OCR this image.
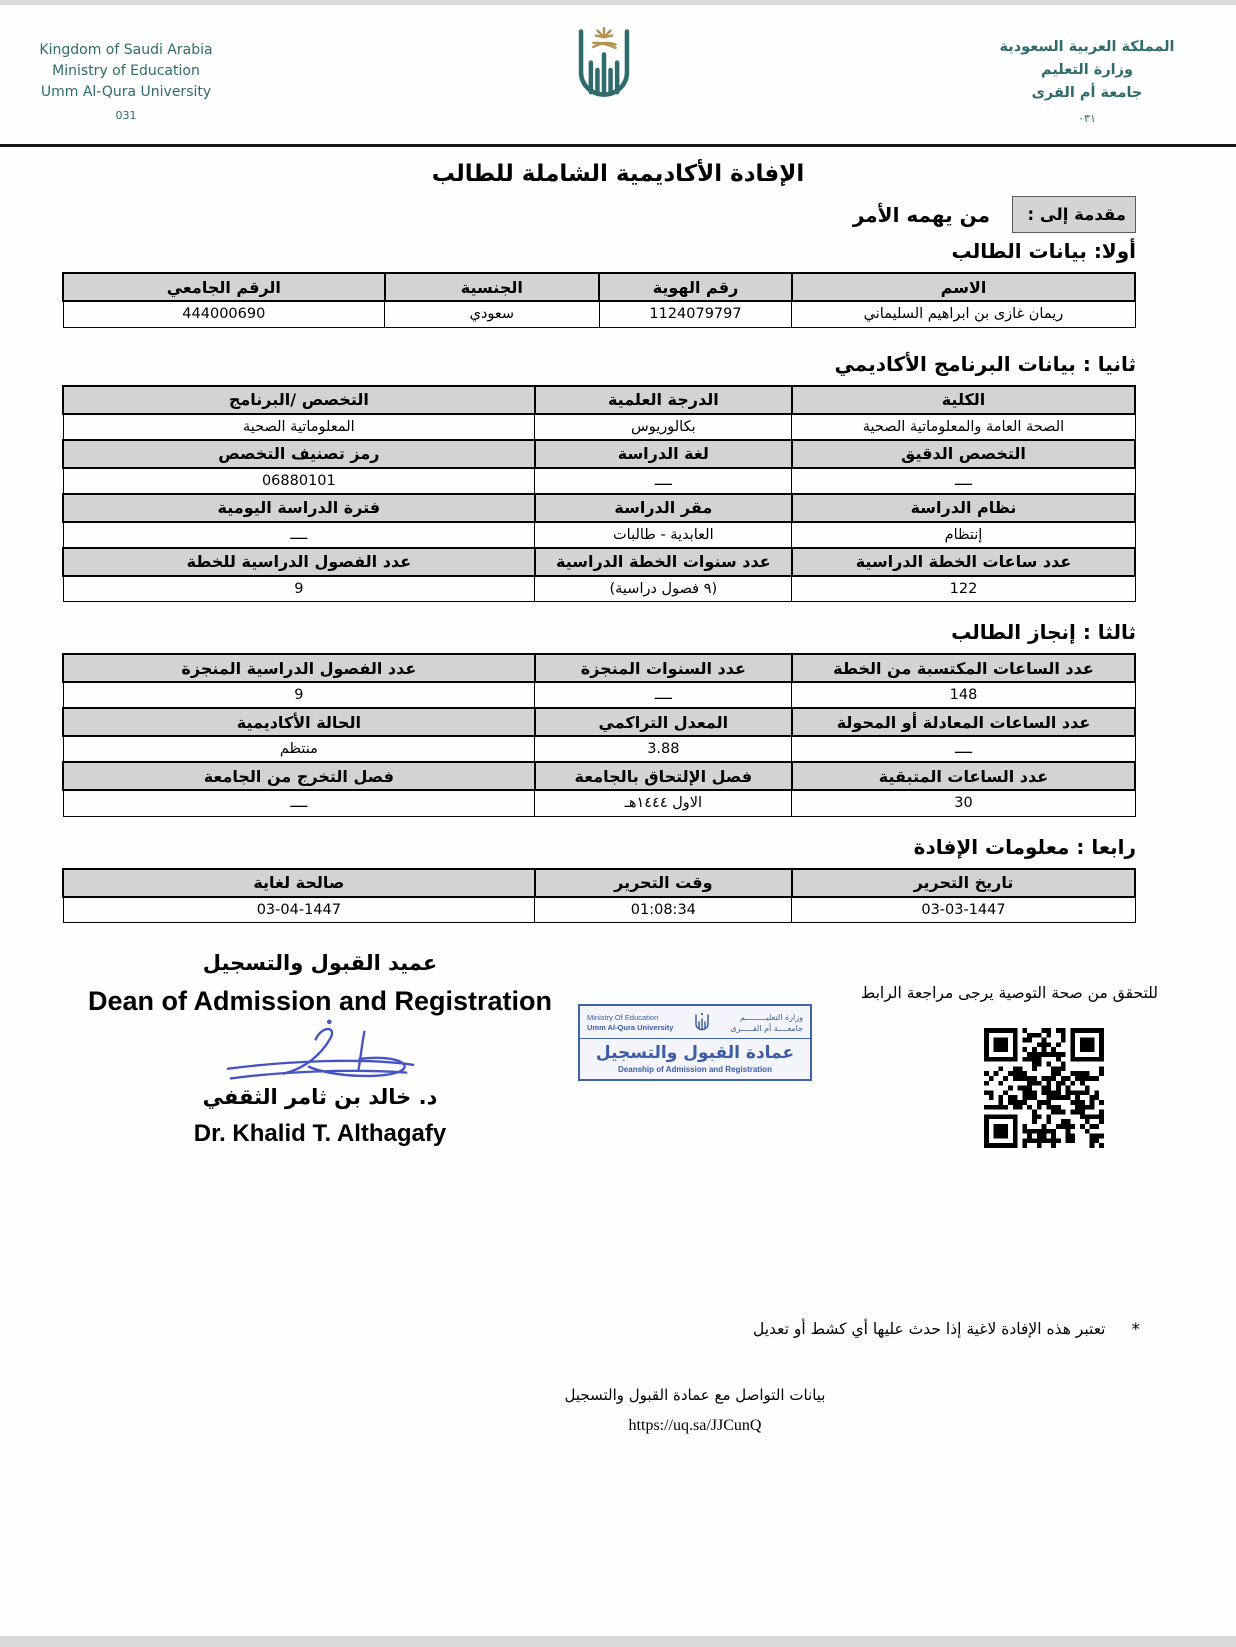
Kingdom of Saudi Arabia
Ministry of Education
Umm Al-Qura University
031
المملكة العربية السعودية
وزارة التعليم
جامعة أم القرى
٠٣١
الإفادة الأكاديمية الشاملة للطالب
مقدمة إلى :
من يهمه الأمر
أولا: بيانات الطالب
الاسم	رقم الهوية	الجنسية	الرقم الجامعي
ريمان غازى بن ابراهيم السليماني	1124079797	سعودي	444000690
ثانيا : بيانات البرنامج الأكاديمي
الكلية	الدرجة العلمية	التخصص /البرنامج
الصحة العامة والمعلوماتية الصحية	بكالوريوس	المعلوماتية الصحية
التخصص الدقيق	لغة الدراسة	رمز تصنيف التخصص
ــــ	ــــ	06880101
نظام الدراسة	مقر الدراسة	فترة الدراسة اليومية
إنتظام	العابدية - طالبات	ــــ
عدد ساعات الخطة الدراسية	عدد سنوات الخطة الدراسية	عدد الفصول الدراسية للخطة
122	(٩ فصول دراسية)	9
ثالثا : إنجاز الطالب
عدد الساعات المكتسبة من الخطة	عدد السنوات المنجزة	عدد الفصول الدراسية المنجزة
148	ــــ	9
عدد الساعات المعادلة أو المحولة	المعدل التراكمي	الحالة الأكاديمية
ــــ	3.88	منتظم
عدد الساعات المتبقية	فصل الإلتحاق بالجامعة	فصل التخرج من الجامعة
30	الاول ١٤٤٤هـ	ــــ
رابعا : معلومات الإفادة
تاريخ التحرير	وقت التحرير	صالحة لغاية
03-03-1447	01:08:34	03-04-1447
عميد القبول والتسجيل
Dean of Admission and Registration
د. خالد بن ثامر الثقفي
Dr. Khalid T. Althagafy
Ministry Of Education
Umm Al-Qura University
وزارة التعليـــــــــم
جامعــــة أم القـــــرى
عمادة القبول والتسجيل
Deanship of Admission and Registration
للتحقق من صحة التوصية يرجى مراجعة الرابط
*
تعتبر هذه الإفادة لاغية إذا حدث عليها أي كشط أو تعديل
بيانات التواصل مع عمادة القبول والتسجيل
https://uq.sa/JJCunQ
